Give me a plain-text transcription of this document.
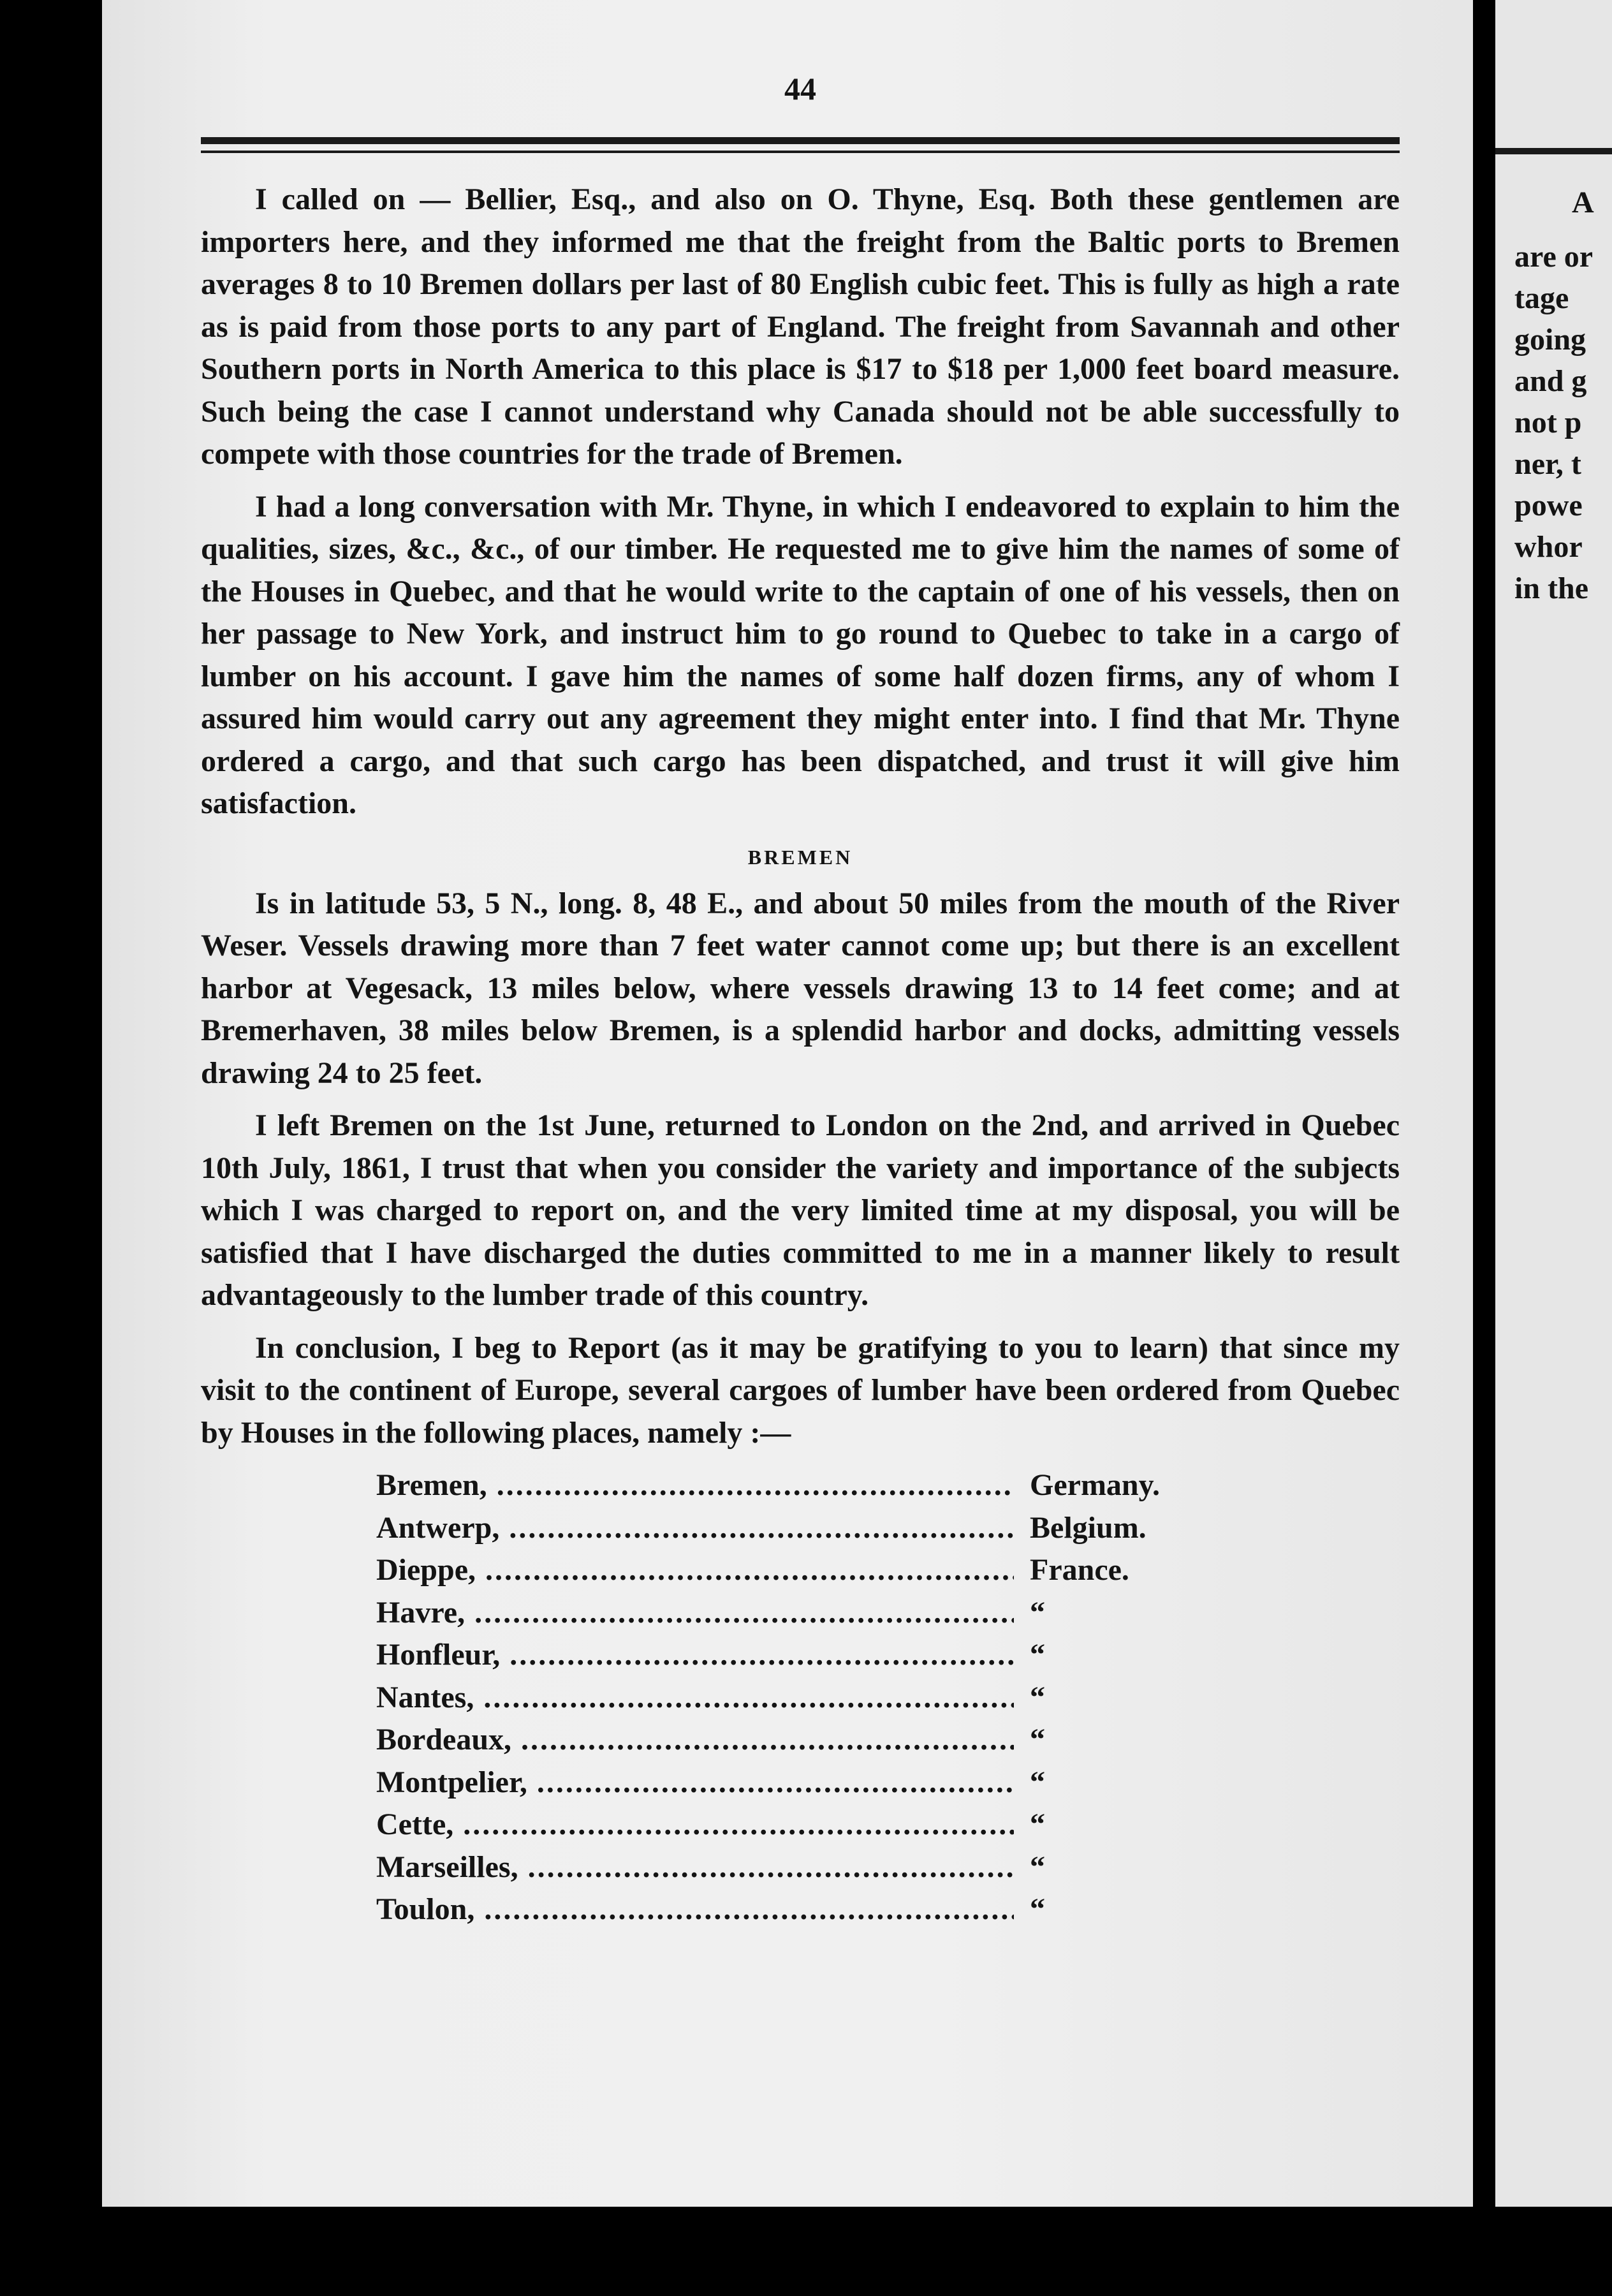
A
are or
tage
going
and g
not p
ner, t
powe
whor
in the
44

I called on — Bellier, Esq., and also on O. Thyne, Esq. Both these gentlemen are importers here, and they informed me that the freight from the Baltic ports to Bremen averages 8 to 10 Bremen dollars per last of 80 English cubic feet. This is fully as high a rate as is paid from those ports to any part of England. The freight from Savannah and other Southern ports in North America to this place is $17 to $18 per 1,000 feet board measure. Such being the case I cannot understand why Canada should not be able successfully to compete with those countries for the trade of Bremen.

I had a long conversation with Mr. Thyne, in which I endeavored to explain to him the qualities, sizes, &c., &c., of our timber. He requested me to give him the names of some of the Houses in Quebec, and that he would write to the captain of one of his vessels, then on her passage to New York, and instruct him to go round to Quebec to take in a cargo of lumber on his account. I gave him the names of some half dozen firms, any of whom I assured him would carry out any agreement they might enter into. I find that Mr. Thyne ordered a cargo, and that such cargo has been dispatched, and trust it will give him satisfaction.

BREMEN

Is in latitude 53, 5 N., long. 8, 48 E., and about 50 miles from the mouth of the River Weser. Vessels drawing more than 7 feet water cannot come up; but there is an excellent harbor at Vegesack, 13 miles below, where vessels drawing 13 to 14 feet come; and at Bremerhaven, 38 miles below Bremen, is a splendid harbor and docks, admitting vessels drawing 24 to 25 feet.

I left Bremen on the 1st June, returned to London on the 2nd, and arrived in Quebec 10th July, 1861, I trust that when you consider the variety and importance of the subjects which I was charged to report on, and the very limited time at my disposal, you will be satisfied that I have discharged the duties committed to me in a manner likely to result advantageously to the lumber trade of this country.

In conclusion, I beg to Report (as it may be gratifying to you to learn) that since my visit to the continent of Europe, several cargoes of lumber have been ordered from Quebec by Houses in the following places, namely :—

Bremen, .....	Germany.
Antwerp, .....	Belgium.
Dieppe, .....	France.
Havre, .....	“
Honfleur, .....	“
Nantes, .....	“
Bordeaux, .....	“
Montpelier, .....	“
Cette, .....	“
Marseilles, .....	“
Toulon, .....	“
